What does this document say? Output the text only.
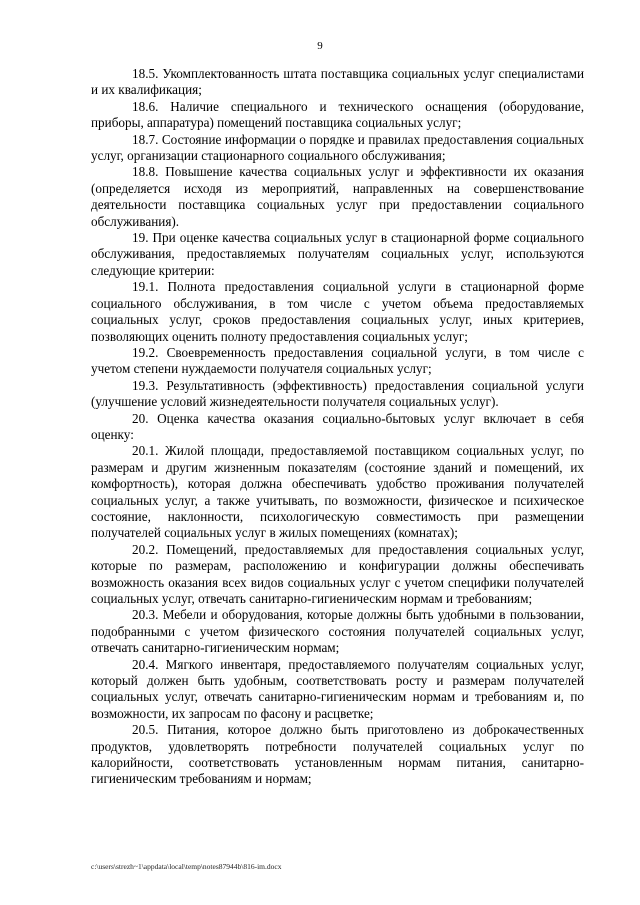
9

18.5. Укомплектованность штата поставщика социальных услуг специалистами и их квалификация;

18.6. Наличие специального и технического оснащения (оборудование, приборы, аппаратура) помещений поставщика социальных услуг;

18.7. Состояние информации о порядке и правилах предоставления социальных услуг, организации стационарного социального обслуживания;

18.8. Повышение качества социальных услуг и эффективности их оказания (определяется исходя из мероприятий, направленных на совершенствование деятельности поставщика социальных услуг при предоставлении социального обслуживания).

19. При оценке качества социальных услуг в стационарной форме социального обслуживания, предоставляемых получателям социальных услуг, используются следующие критерии:

19.1. Полнота предоставления социальной услуги в стационарной форме социального обслуживания, в том числе с учетом объема предоставляемых социальных услуг, сроков предоставления социальных услуг, иных критериев, позволяющих оценить полноту предоставления социальных услуг;

19.2. Своевременность предоставления социальной услуги, в том числе с учетом степени нуждаемости получателя социальных услуг;

19.3. Результативность (эффективность) предоставления социальной услуги (улучшение условий жизнедеятельности получателя социальных услуг).

20. Оценка качества оказания социально-бытовых услуг включает в себя оценку:

20.1. Жилой площади, предоставляемой поставщиком социальных услуг, по размерам и другим жизненным показателям (состояние зданий и помещений, их комфортность), которая должна обеспечивать удобство проживания получателей социальных услуг, а также учитывать, по возможности, физическое и психическое состояние, наклонности, психологическую совместимость при размещении получателей социальных услуг в жилых помещениях (комнатах);

20.2. Помещений, предоставляемых для предоставления социальных услуг, которые по размерам, расположению и конфигурации должны обеспечивать возможность оказания всех видов социальных услуг с учетом специфики получателей социальных услуг, отвечать санитарно-гигиеническим нормам и требованиям;

20.3. Мебели и оборудования, которые должны быть удобными в пользовании, подобранными с учетом физического состояния получателей социальных услуг, отвечать санитарно-гигиеническим нормам;

20.4. Мягкого инвентаря, предоставляемого получателям социальных услуг, который должен быть удобным, соответствовать росту и размерам получателей социальных услуг, отвечать санитарно-гигиеническим нормам и требованиям и, по возможности, их запросам по фасону и расцветке;

20.5. Питания, которое должно быть приготовлено из доброкачественных продуктов, удовлетворять потребности получателей социальных услуг по калорийности, соответствовать установленным нормам питания, санитарно-гигиеническим требованиям и нормам;

c:\users\strezh~1\appdata\local\temp\notes87944b\816-im.docx
